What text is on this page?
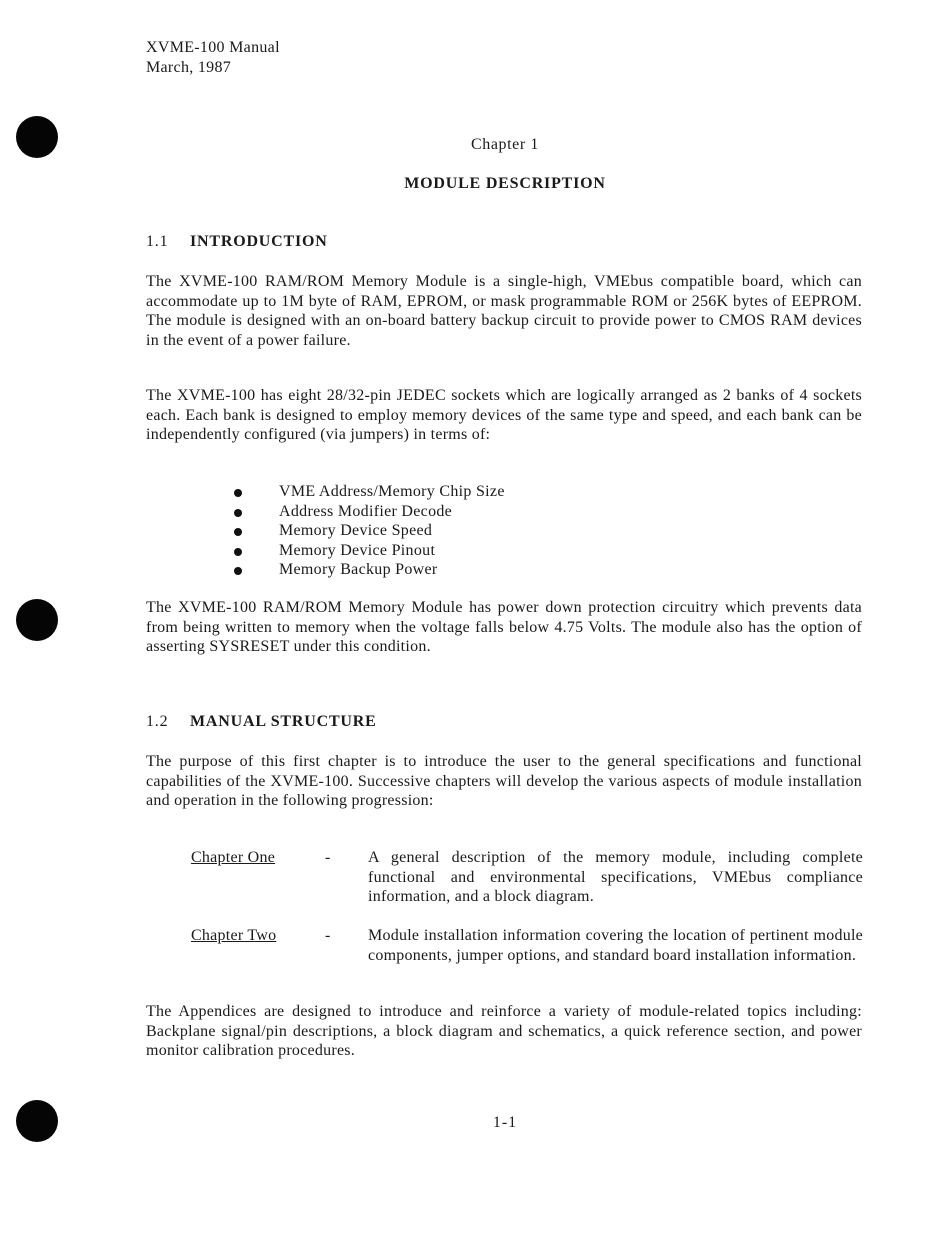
XVME-100 Manual
March, 1987
Chapter 1
MODULE DESCRIPTION
1.1 INTRODUCTION

The XVME-100 RAM/ROM Memory Module is a single-high, VMEbus compatible board, which can accommodate up to 1M byte of RAM, EPROM, or mask programmable ROM or 256K bytes of EEPROM. The module is designed with an on-board battery backup circuit to provide power to CMOS RAM devices in the event of a power failure.

The XVME-100 has eight 28/32-pin JEDEC sockets which are logically arranged as 2 banks of 4 sockets each. Each bank is designed to employ memory devices of the same type and speed, and each bank can be independently configured (via jumpers) in terms of:

VME Address/Memory Chip Size
Address Modifier Decode
Memory Device Speed
Memory Device Pinout
Memory Backup Power

The XVME-100 RAM/ROM Memory Module has power down protection circuitry which prevents data from being written to memory when the voltage falls below 4.75 Volts. The module also has the option of asserting SYSRESET under this condition.

1.2 MANUAL STRUCTURE

The purpose of this first chapter is to introduce the user to the general specifications and functional capabilities of the XVME-100. Successive chapters will develop the various aspects of module installation and operation in the following progression:

Chapter One	- A general description of the memory module, including complete functional and environmental specifications, VMEbus compliance information, and a block diagram.
Chapter Two	- Module installation information covering the location of pertinent module components, jumper options, and standard board installation information.

The Appendices are designed to introduce and reinforce a variety of module-related topics including: Backplane signal/pin descriptions, a block diagram and schematics, a quick reference section, and power monitor calibration procedures.

1-1
